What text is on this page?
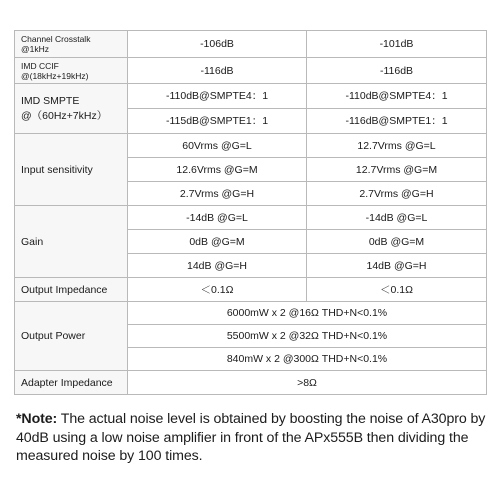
Channel Crosstalk
@1kHz	-106dB	-101dB

IMD CCIF
@(18kHz+19kHz)	-116dB	-116dB

IMD SMPTE
@（60Hz+7kHz）	-110dB@SMPTE4：1	-110dB@SMPTE4：1
	-115dB@SMPTE1：1	-116dB@SMPTE1：1
Input sensitivity	60Vrms @G=L	12.7Vrms @G=L
	12.6Vrms @G=M	12.7Vrms @G=M
	2.7Vrms @G=H	2.7Vrms @G=H
Gain	-14dB @G=L	-14dB @G=L
	0dB @G=M	0dB @G=M
	14dB @G=H	14dB @G=H
Output Impedance	＜0.1Ω	＜0.1Ω
Output Power	6000mW x 2 @16Ω THD+N<0.1%	
	5500mW x 2 @32Ω THD+N<0.1%	
	840mW x 2 @300Ω THD+N<0.1%	
Adapter Impedance	>8Ω	
*Note: The actual noise level is obtained by boosting the noise of A30pro by 40dB using a low noise amplifier in front of the APx555B then dividing the measured noise by 100 times.
